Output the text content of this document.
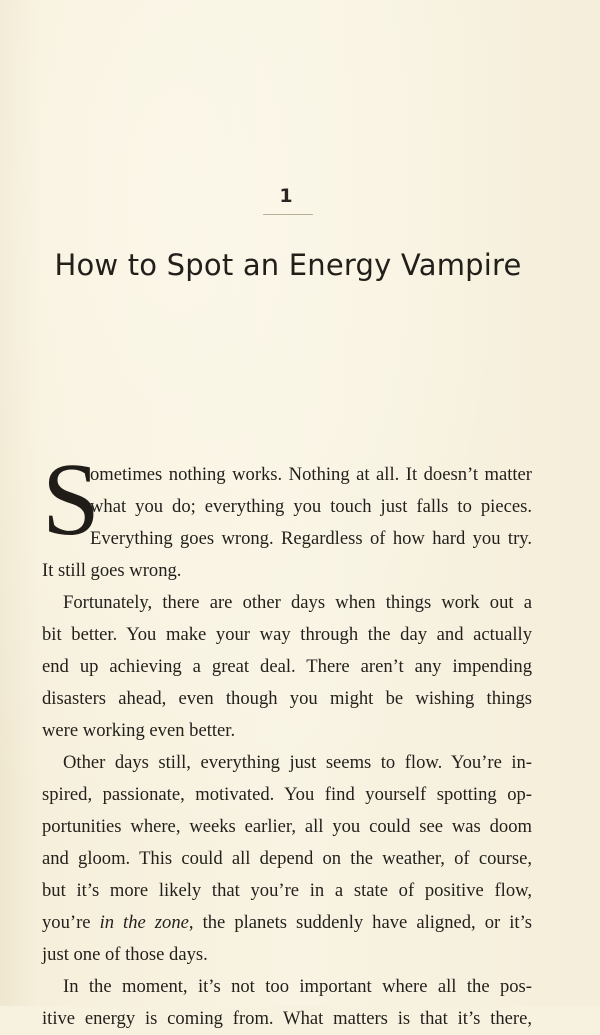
1
How to Spot an Energy Vampire
S
ometimes nothing works. Nothing at all. It doesn’t matter
what you do; everything you touch just falls to pieces.
Everything goes wrong. Regardless of how hard you try.
It still goes wrong.
Fortunately, there are other days when things work out a
bit better. You make your way through the day and actually
end up achieving a great deal. There aren’t any impending
disasters ahead, even though you might be wishing things
were working even better.
Other days still, everything just seems to flow. You’re in-
spired, passionate, motivated. You find yourself spotting op-
portunities where, weeks earlier, all you could see was doom
and gloom. This could all depend on the weather, of course,
but it’s more likely that you’re in a state of positive flow,
you’re in the zone, the planets suddenly have aligned, or it’s
just one of those days.
In the moment, it’s not too important where all the pos-
itive energy is coming from. What matters is that it’s there,
